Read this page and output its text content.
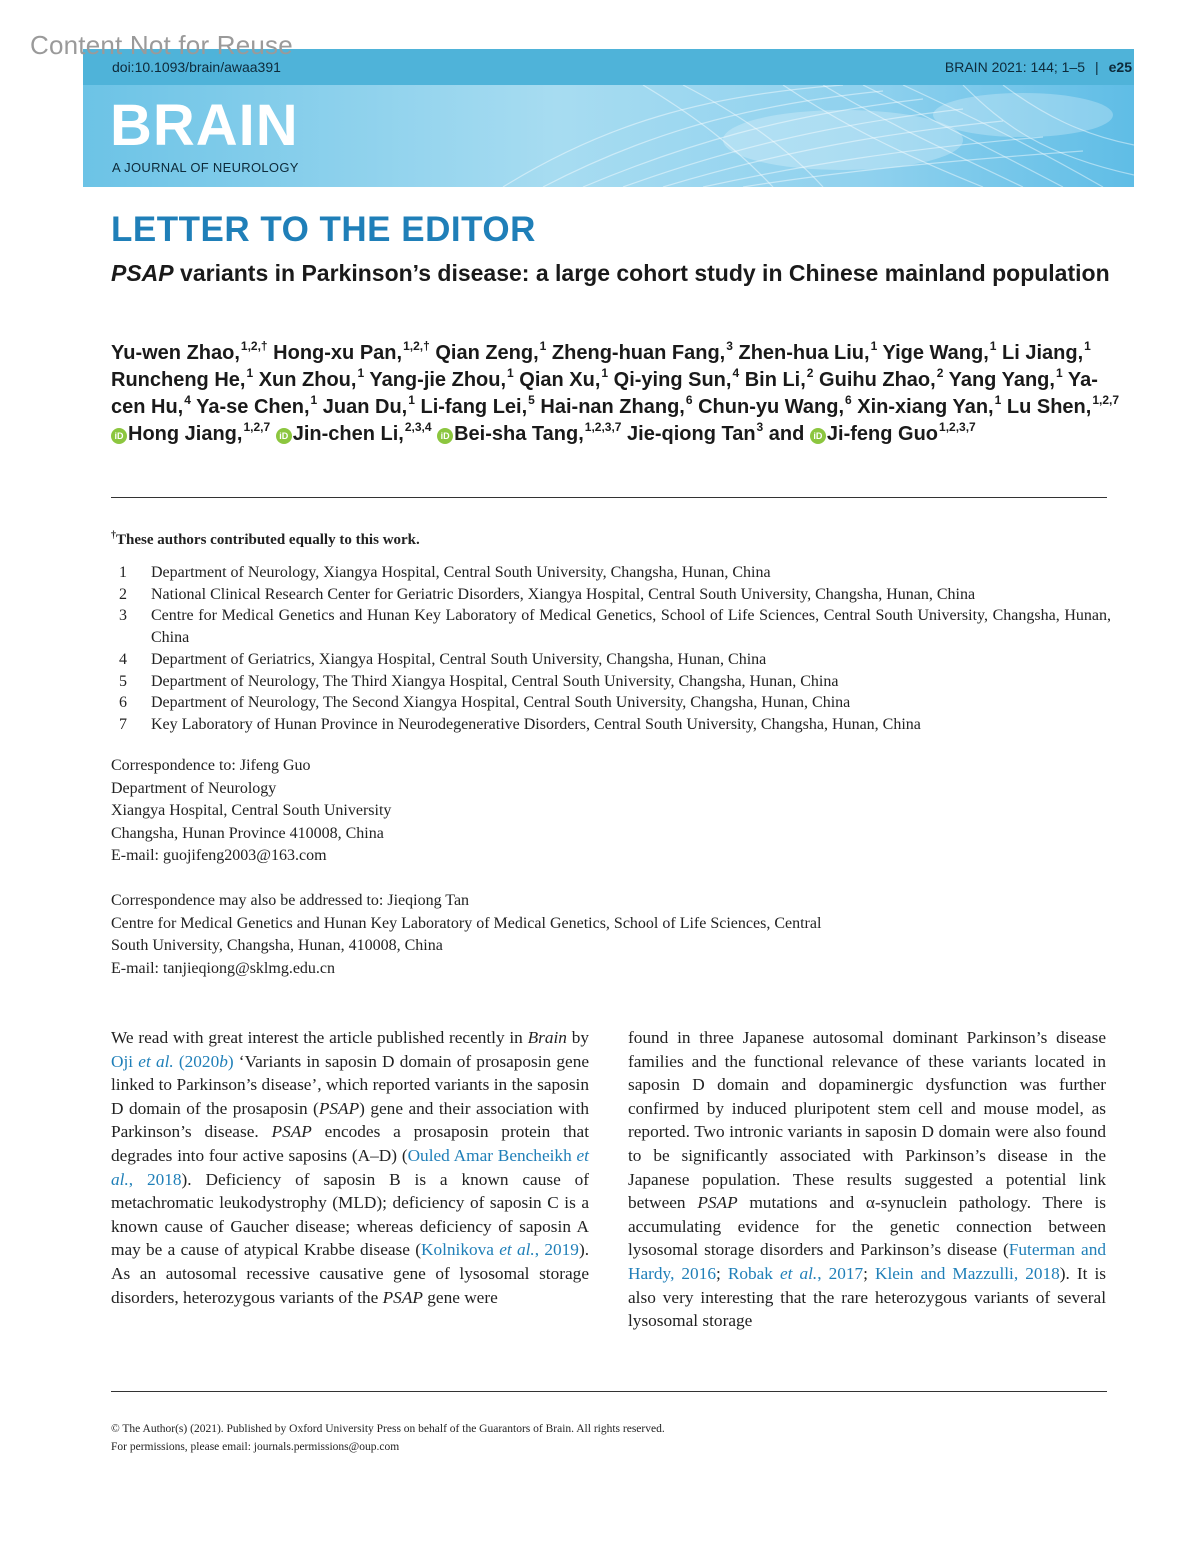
Content Not for Reuse
doi:10.1093/brain/awaa391	BRAIN 2021: 144; 1–5 | e25
BRAIN
A JOURNAL OF NEUROLOGY
LETTER TO THE EDITOR
PSAP variants in Parkinson’s disease: a large cohort study in Chinese mainland population
Yu-wen Zhao,$^{1,2,\dagger}$ Hong-xu Pan,$^{1,2,\dagger}$ Qian Zeng,$^1$ Zheng-huan Fang,$^3$ Zhen-hua Liu,$^1$ Yige Wang,$^1$ Li Jiang,$^1$ Runcheng He,$^1$ Xun Zhou,$^1$ Yang-jie Zhou,$^1$ Qian Xu,$^1$ Qi-ying Sun,$^4$ Bin Li,$^2$ Guihu Zhao,$^2$ Yang Yang,$^1$ Ya-cen Hu,$^4$ Ya-se Chen,$^1$ Juan Du,$^1$ Li-fang Lei,$^5$ Hai-nan Zhang,$^6$ Chun-yu Wang,$^6$ Xin-xiang Yan,$^1$ Lu Shen,$^{1,2,7}$ iD Hong Jiang,$^{1,2,7}$ iD Jin-chen Li,$^{2,3,4}$ iD Bei-sha Tang,$^{1,2,3,7}$ Jie-qiong Tan$^3$ and iD Ji-feng Guo$^{1,2,3,7}$
†These authors contributed equally to this work.
1	Department of Neurology, Xiangya Hospital, Central South University, Changsha, Hunan, China
2	National Clinical Research Center for Geriatric Disorders, Xiangya Hospital, Central South University, Changsha, Hunan, China
3	Centre for Medical Genetics and Hunan Key Laboratory of Medical Genetics, School of Life Sciences, Central South University, Changsha, Hunan, China
4	Department of Geriatrics, Xiangya Hospital, Central South University, Changsha, Hunan, China
5	Department of Neurology, The Third Xiangya Hospital, Central South University, Changsha, Hunan, China
6	Department of Neurology, The Second Xiangya Hospital, Central South University, Changsha, Hunan, China
7	Key Laboratory of Hunan Province in Neurodegenerative Disorders, Central South University, Changsha, Hunan, China
Correspondence to: Jifeng Guo
Department of Neurology
Xiangya Hospital, Central South University
Changsha, Hunan Province 410008, China
E-mail: guojifeng2003@163.com
Correspondence may also be addressed to: Jieqiong Tan
Centre for Medical Genetics and Hunan Key Laboratory of Medical Genetics, School of Life Sciences, Central
South University, Changsha, Hunan, 410008, China
E-mail: tanjieqiong@sklmg.edu.cn
We read with great interest the article published recently in Brain by Oji et al. (2020b) ‘Variants in saposin D domain of prosaposin gene linked to Parkinson’s disease’, which reported variants in the saposin D domain of the prosaposin (PSAP) gene and their association with Parkinson’s disease. PSAP encodes a prosaposin protein that degrades into four active saposins (A–D) (Ouled Amar Bencheikh et al., 2018). Deficiency of saposin B is a known cause of metachromatic leukodystrophy (MLD); deficiency of saposin C is a known cause of Gaucher disease; whereas deficiency of saposin A may be a cause of atypical Krabbe disease (Kolnikova et al., 2019). As an autosomal recessive causative gene of lysosomal storage disorders, heterozygous variants of the PSAP gene were
found in three Japanese autosomal dominant Parkinson’s disease families and the functional relevance of these variants located in saposin D domain and dopaminergic dysfunction was further confirmed by induced pluripotent stem cell and mouse model, as reported. Two intronic variants in saposin D domain were also found to be significantly associated with Parkinson’s disease in the Japanese population. These results suggested a potential link between PSAP mutations and α-synuclein pathology. There is accumulating evidence for the genetic connection between lysosomal storage disorders and Parkinson’s disease (Futerman and Hardy, 2016; Robak et al., 2017; Klein and Mazzulli, 2018). It is also very interesting that the rare heterozygous variants of several lysosomal storage
© The Author(s) (2021). Published by Oxford University Press on behalf of the Guarantors of Brain. All rights reserved.
For permissions, please email: journals.permissions@oup.com
